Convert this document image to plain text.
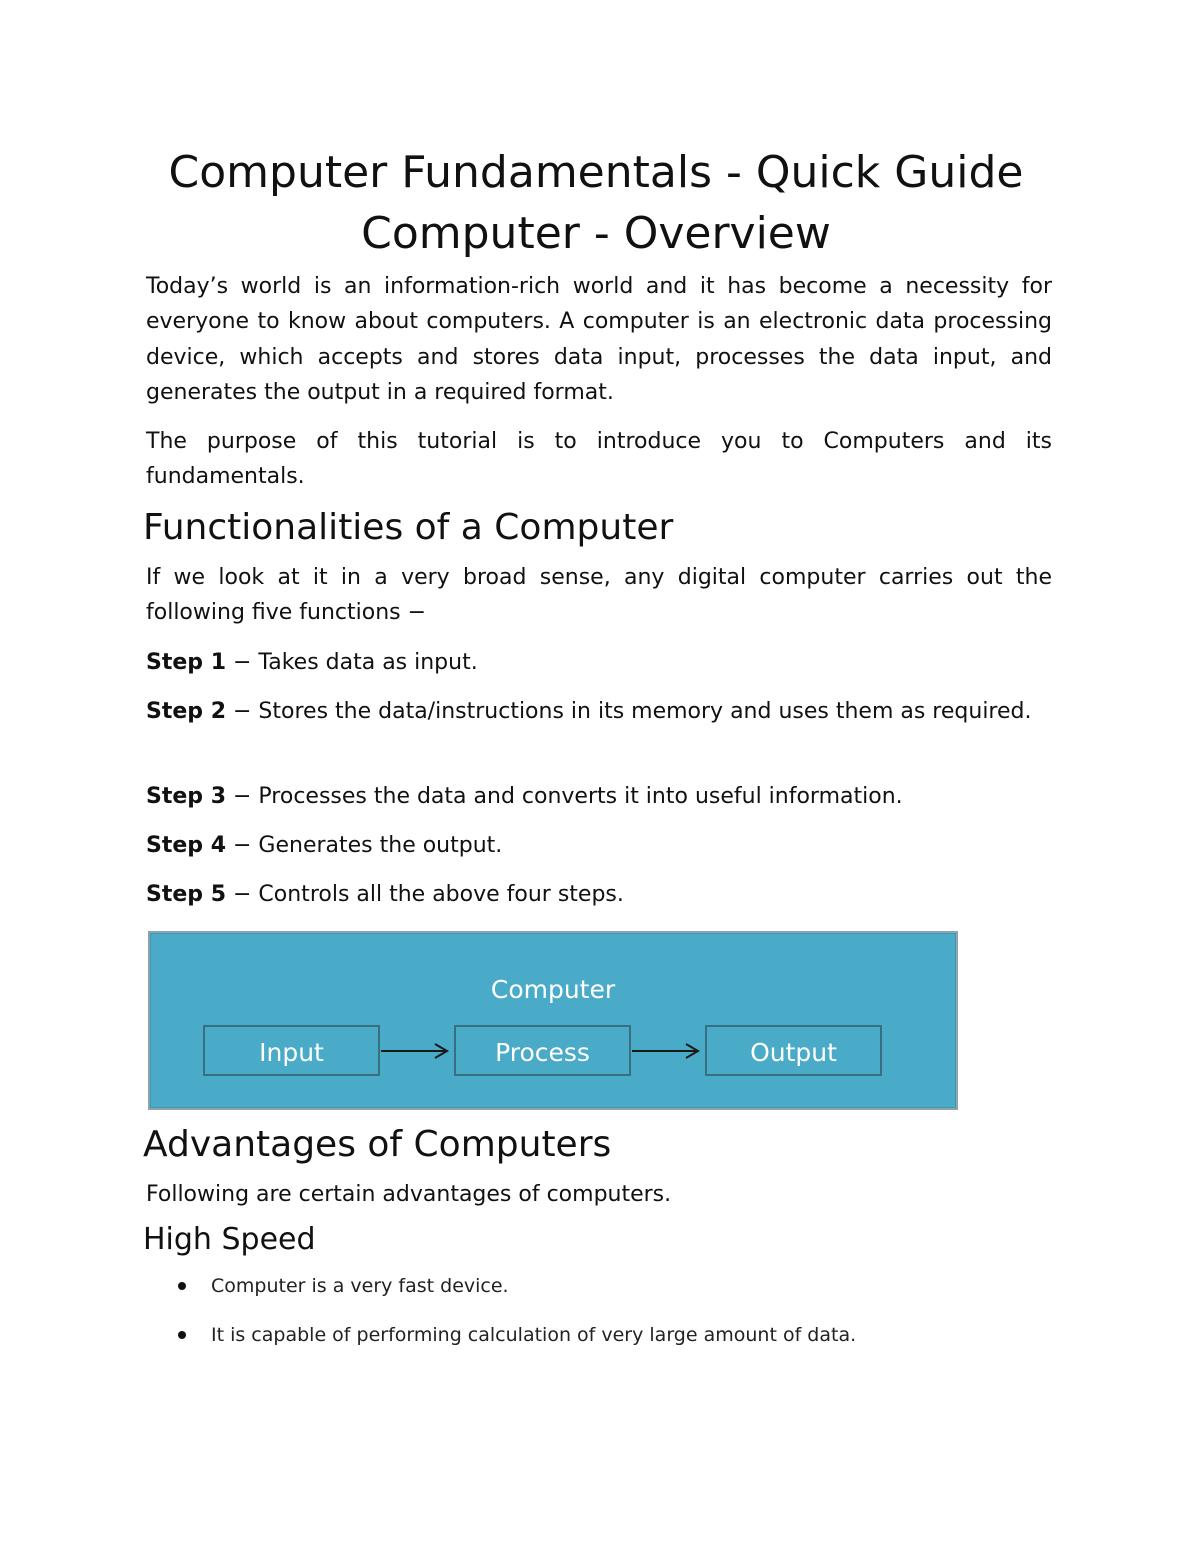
Computer Fundamentals - Quick Guide
Computer - Overview

Today’s world is an information-rich world and it has become a necessity for everyone to know about computers. A computer is an electronic data processing device, which accepts and stores data input, processes the data input, and generates the output in a required format.

The purpose of this tutorial is to introduce you to Computers and its fundamentals.

Functionalities of a Computer

If we look at it in a very broad sense, any digital computer carries out the following five functions −

Step 1 − Takes data as input.

Step 2 − Stores the data/instructions in its memory and uses them as required.

Step 3 − Processes the data and converts it into useful information.

Step 4 − Generates the output.

Step 5 − Controls all the above four steps.

Computer
Input	Process	Output
Advantages of Computers

Following are certain advantages of computers.

High Speed
Computer is a very fast device.
It is capable of performing calculation of very large amount of data.
